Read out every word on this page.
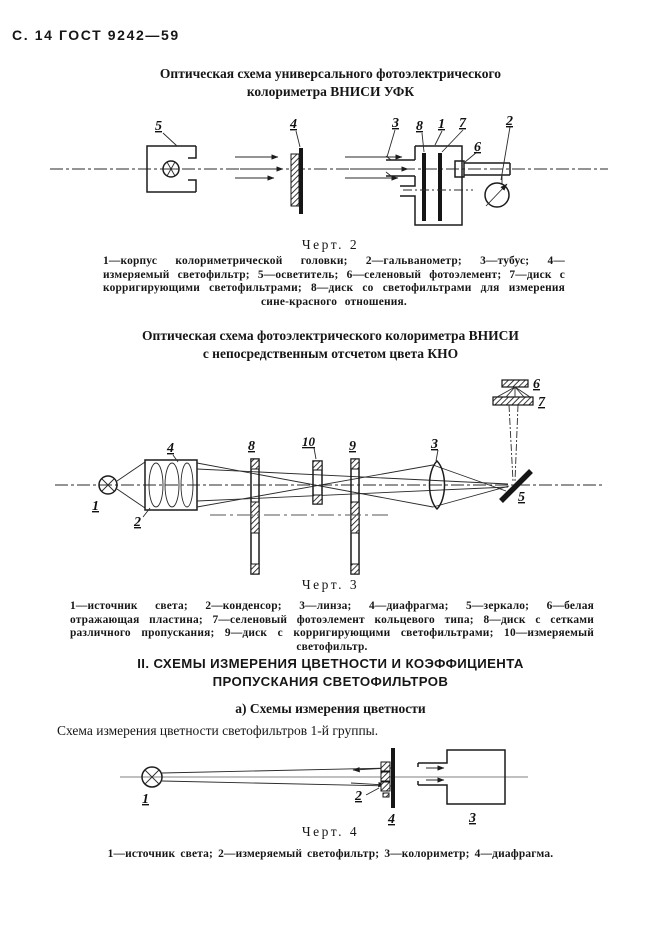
С. 14 ГОСТ 9242—59
Оптическая схема универсального фотоэлектрического
колориметра ВНИСИ УФК
5	4	3 8 1 7
6
2
Черт. 2
1—корпус колориметрической головки; 2—гальванометр; 3—тубус; 4—измеряемый светофильтр; 5—осветитель; 6—селеновый фотоэлемент; 7—диск с корригирующими светофильтрами; 8—диск со светофильтрами для измерения сине-красного отношения.
Оптическая схема фотоэлектрического колориметра ВНИСИ
с непосредственным отсчетом цвета КНО
1
4
2
8	10 9	3
5
6
7
Черт. 3
1—источник света; 2—конденсор; 3—линза; 4—диафрагма; 5—зеркало; 6—белая отражающая пластина; 7—селеновый фотоэлемент кольцевого типа; 8—диск с сетками различного пропускания; 9—диск с корригирующими светофильтрами; 10—измеряемый светофильтр.
II. СХЕМЫ ИЗМЕРЕНИЯ ЦВЕТНОСТИ И КОЭФФИЦИЕНТА
ПРОПУСКАНИЯ СВЕТОФИЛЬТРОВ
а) Схемы измерения цветности
Схема измерения цветности светофильтров 1-й группы.
1	2
4	3
Черт. 4
1—источник света; 2—измеряемый светофильтр; 3—колориметр; 4—диафрагма.
